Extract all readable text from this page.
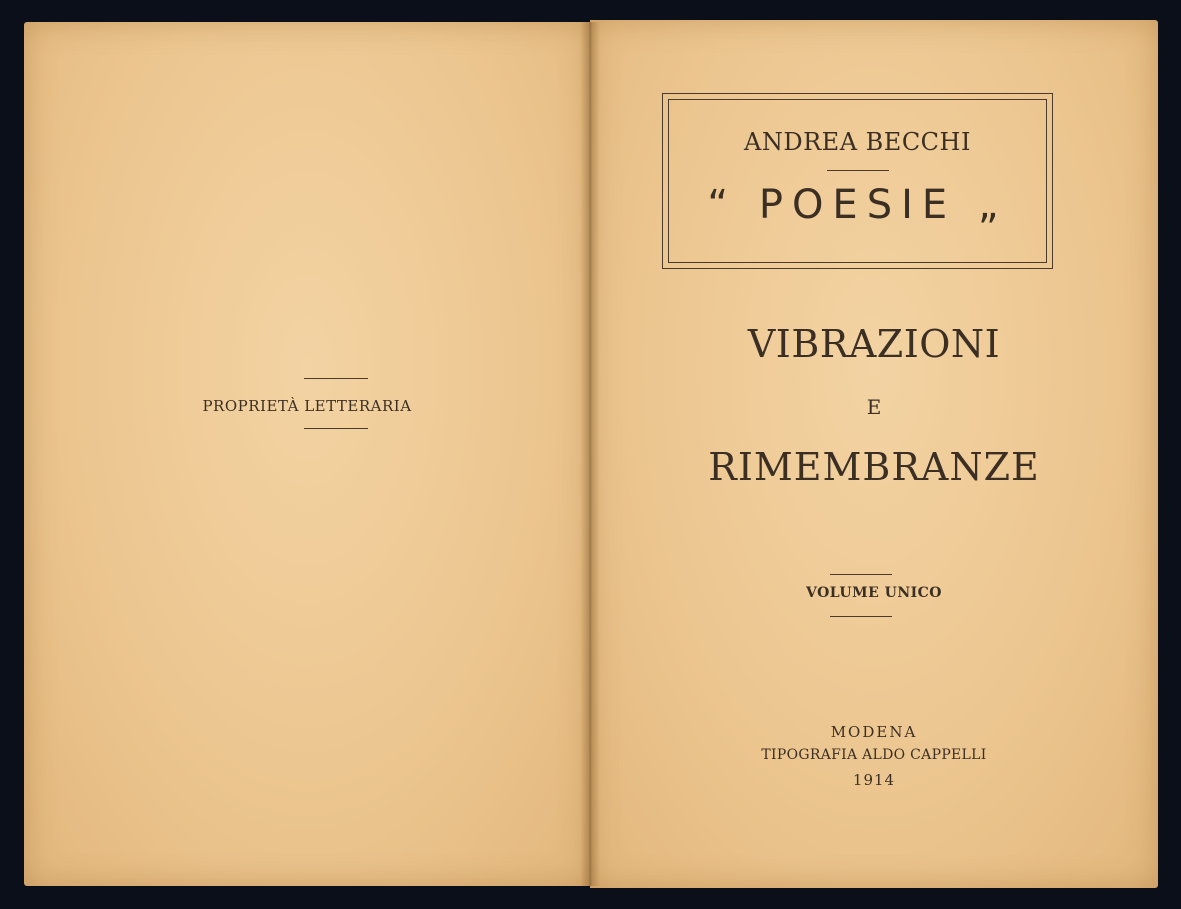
PROPRIETÀ LETTERARIA
ANDREA BECCHI
“ POESIE „
VIBRAZIONI
E
RIMEMBRANZE
VOLUME UNICO
MODENA
TIPOGRAFIA ALDO CAPPELLI
1914
